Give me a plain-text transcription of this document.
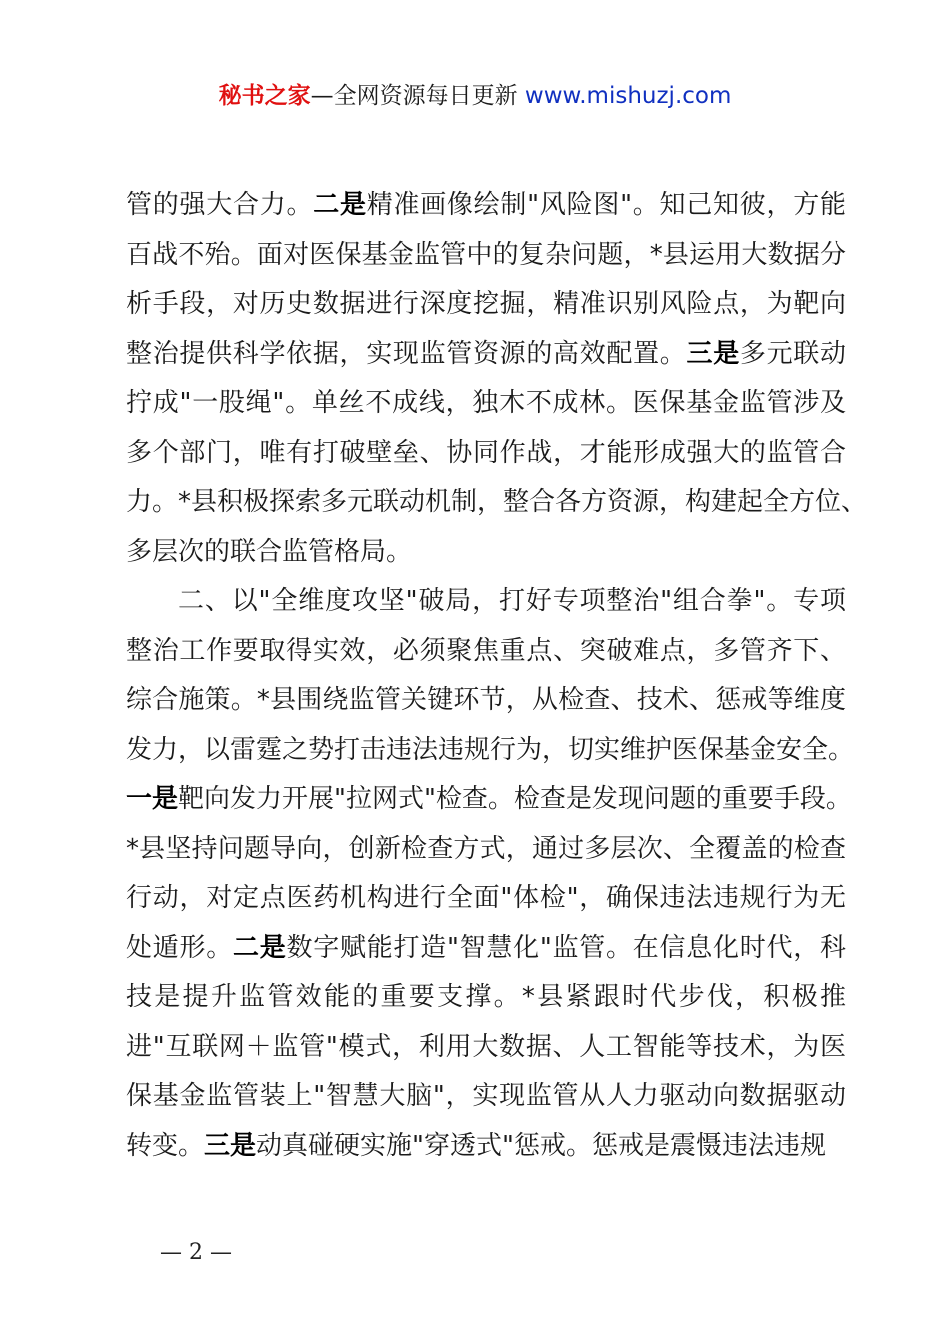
秘书之家—全网资源每日更新 www.mishuzj.com
管的强大合力。二是精准画像绘制"风险图"。知己知彼，方能
百战不殆。面对医保基金监管中的复杂问题，*县运用大数据分
析手段，对历史数据进行深度挖掘，精准识别风险点，为靶向
整治提供科学依据，实现监管资源的高效配置。三是多元联动
拧成"一股绳"。单丝不成线，独木不成林。医保基金监管涉及
多个部门，唯有打破壁垒、协同作战，才能形成强大的监管合
力。*县积极探索多元联动机制，整合各方资源，构建起全方位、
多层次的联合监管格局。
二、以"全维度攻坚"破局，打好专项整治"组合拳"。专项
整治工作要取得实效，必须聚焦重点、突破难点，多管齐下、
综合施策。*县围绕监管关键环节，从检查、技术、惩戒等维度
发力，以雷霆之势打击违法违规行为，切实维护医保基金安全。
一是靶向发力开展"拉网式"检查。检查是发现问题的重要手段。
*县坚持问题导向，创新检查方式，通过多层次、全覆盖的检查
行动，对定点医药机构进行全面"体检"，确保违法违规行为无
处遁形。二是数字赋能打造"智慧化"监管。在信息化时代，科
技是提升监管效能的重要支撑。*县紧跟时代步伐，积极推
进"互联网＋监管"模式，利用大数据、人工智能等技术，为医
保基金监管装上"智慧大脑"，实现监管从人力驱动向数据驱动
转变。三是动真碰硬实施"穿透式"惩戒。惩戒是震慑违法违规
— 2 —
